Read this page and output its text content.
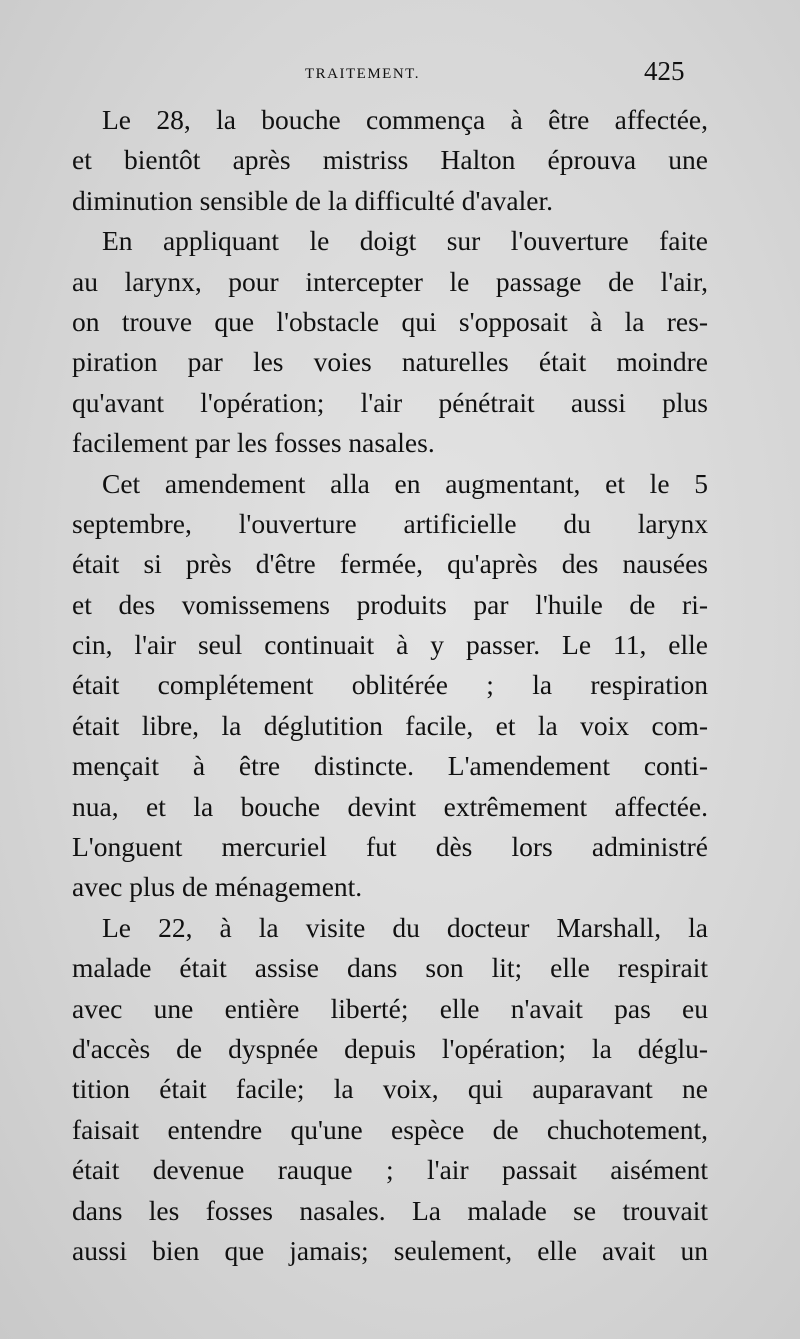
TRAITEMENT.	425
Le 28, la bouche commença à être affectée,
et bientôt après mistriss Halton éprouva une
diminution sensible de la difficulté d'avaler.
En appliquant le doigt sur l'ouverture faite
au larynx, pour intercepter le passage de l'air,
on trouve que l'obstacle qui s'opposait à la res-
piration par les voies naturelles était moindre
qu'avant l'opération; l'air pénétrait aussi plus
facilement par les fosses nasales.
Cet amendement alla en augmentant, et le 5
septembre, l'ouverture artificielle du larynx
était si près d'être fermée, qu'après des nausées
et des vomissemens produits par l'huile de ri-
cin, l'air seul continuait à y passer. Le 11, elle
était complétement oblitérée ; la respiration
était libre, la déglutition facile, et la voix com-
mençait à être distincte. L'amendement conti-
nua, et la bouche devint extrêmement affectée.
L'onguent mercuriel fut dès lors administré
avec plus de ménagement.
Le 22, à la visite du docteur Marshall, la
malade était assise dans son lit; elle respirait
avec une entière liberté; elle n'avait pas eu
d'accès de dyspnée depuis l'opération; la déglu-
tition était facile; la voix, qui auparavant ne
faisait entendre qu'une espèce de chuchotement,
était devenue rauque ; l'air passait aisément
dans les fosses nasales. La malade se trouvait
aussi bien que jamais; seulement, elle avait un
